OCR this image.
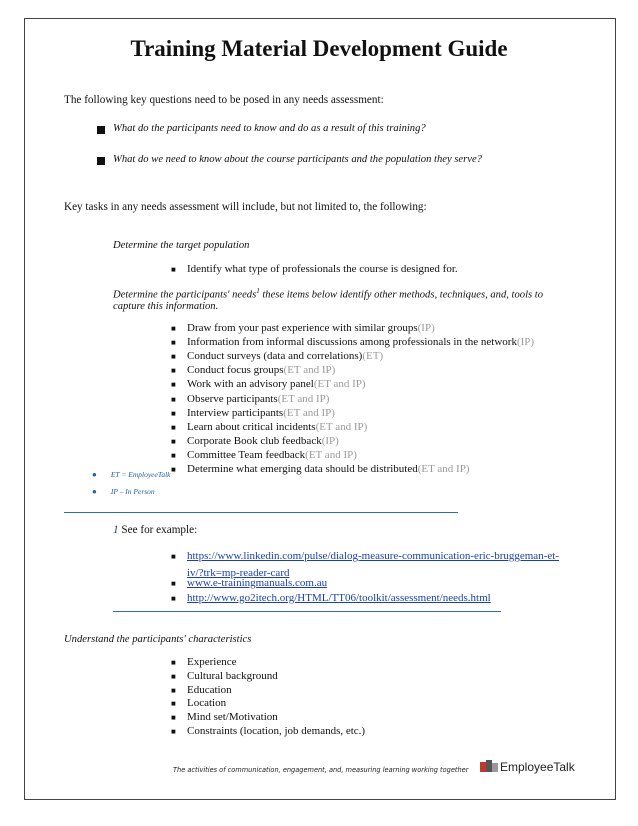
Training Material Development Guide
The following key questions need to be posed in any needs assessment:
What do the participants need to know and do as a result of this training?
What do we need to know about the course participants and the population they serve?
Key tasks in any needs assessment will include, but not limited to, the following:
Determine the target population
■	Identify what type of professionals the course is designed for.
Determine the participants' needs$^1$ these items below identify other methods, techniques, and, tools to
capture this information.
■	Draw from your past experience with similar groups (IP)
■	Information from informal discussions among professionals in the network (IP)
■	Conduct surveys (data and correlations) (ET)
■	Conduct focus groups (ET and IP)
■	Work with an advisory panel (ET and IP)
■	Observe participants (ET and IP)
■	Interview participants (ET and IP)
■	Learn about critical incidents (ET and IP)
■	Corporate Book club feedback (IP)
■	Committee Team feedback (ET and IP)
■	Determine what emerging data should be distributed (ET and IP)
● ET = EmployeeTalk
● IP – In Person
1 See for example:
■	https://www.linkedin.com/pulse/dialog-measure-communication-eric-bruggeman-et-
iv/?trk=mp-reader-card
■	www.e-trainingmanuals.com.au
■	http://www.go2itech.org/HTML/TT06/toolkit/assessment/needs.html
Understand the participants' characteristics
■	Experience
■	Cultural background
■	Education
■	Location
■	Mind set/Motivation
■	Constraints (location, job demands, etc.)
The activities of communication, engagement, and, measuring learning working together	EmployeeTalk
